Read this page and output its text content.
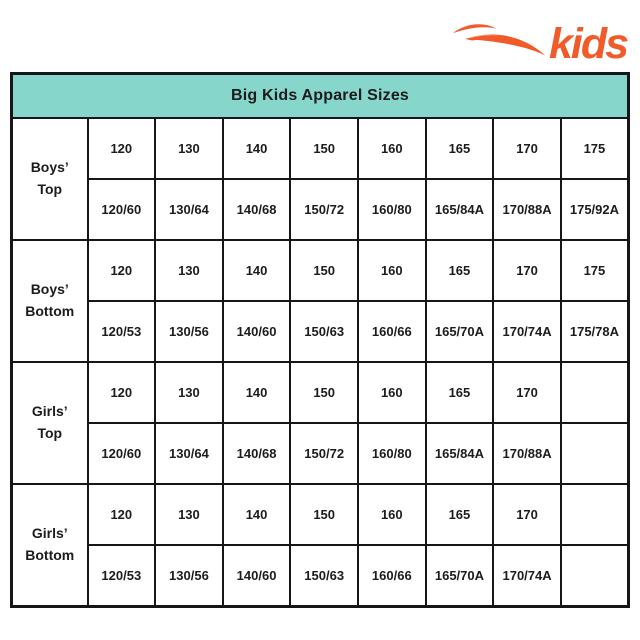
kids
Big Kids Apparel Sizes								
Boys’
Top	120	130	140	150	160	165	170	175
	120/60	130/64	140/68	150/72	160/80	165/84A	170/88A	175/92A
Boys’
Bottom	120	130	140	150	160	165	170	175
	120/53	130/56	140/60	150/63	160/66	165/70A	170/74A	175/78A
Girls’
Top	120	130	140	150	160	165	170	
	120/60	130/64	140/68	150/72	160/80	165/84A	170/88A	
Girls’
Bottom	120	130	140	150	160	165	170	
	120/53	130/56	140/60	150/63	160/66	165/70A	170/74A	
